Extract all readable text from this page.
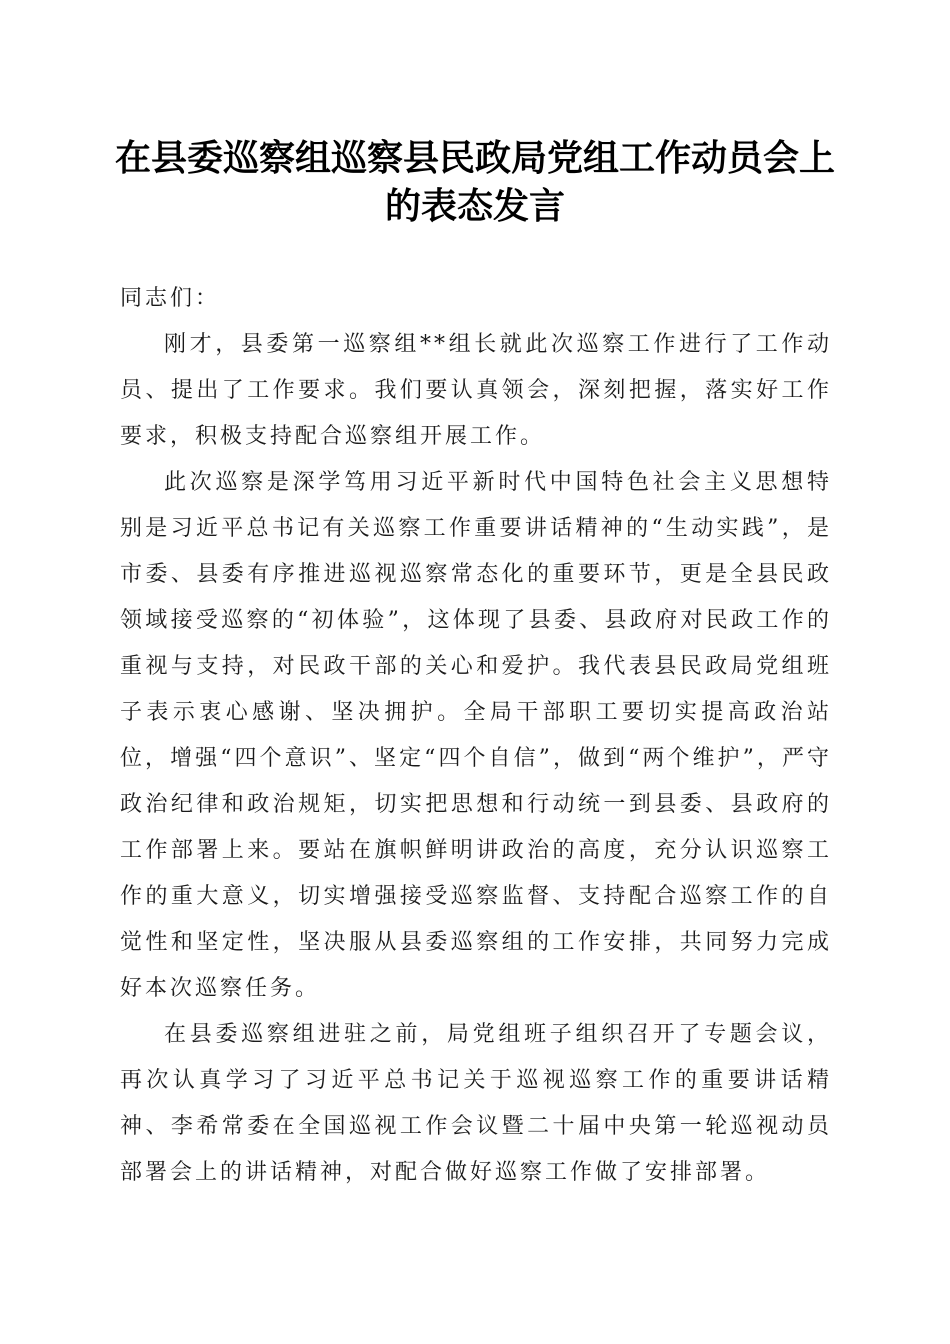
在县委巡察组巡察县民政局党组工作动员会上
的表态发言

同志们：

刚才，县委第一巡察组**组长就此次巡察工作进行了工作动员、提出了工作要求。我们要认真领会，深刻把握，落实好工作要求，积极支持配合巡察组开展工作。

此次巡察是深学笃用习近平新时代中国特色社会主义思想特别是习近平总书记有关巡察工作重要讲话精神的“生动实践”，是市委、县委有序推进巡视巡察常态化的重要环节，更是全县民政领域接受巡察的“初体验”，这体现了县委、县政府对民政工作的重视与支持，对民政干部的关心和爱护。我代表县民政局党组班子表示衷心感谢、坚决拥护。全局干部职工要切实提高政治站位，增强“四个意识”、坚定“四个自信”，做到“两个维护”，严守政治纪律和政治规矩，切实把思想和行动统一到县委、县政府的工作部署上来。要站在旗帜鲜明讲政治的高度，充分认识巡察工作的重大意义，切实增强接受巡察监督、支持配合巡察工作的自觉性和坚定性，坚决服从县委巡察组的工作安排，共同努力完成好本次巡察任务。

在县委巡察组进驻之前，局党组班子组织召开了专题会议，再次认真学习了习近平总书记关于巡视巡察工作的重要讲话精神、李希常委在全国巡视工作会议暨二十届中央第一轮巡视动员部署会上的讲话精神，对配合做好巡察工作做了安排部署。
